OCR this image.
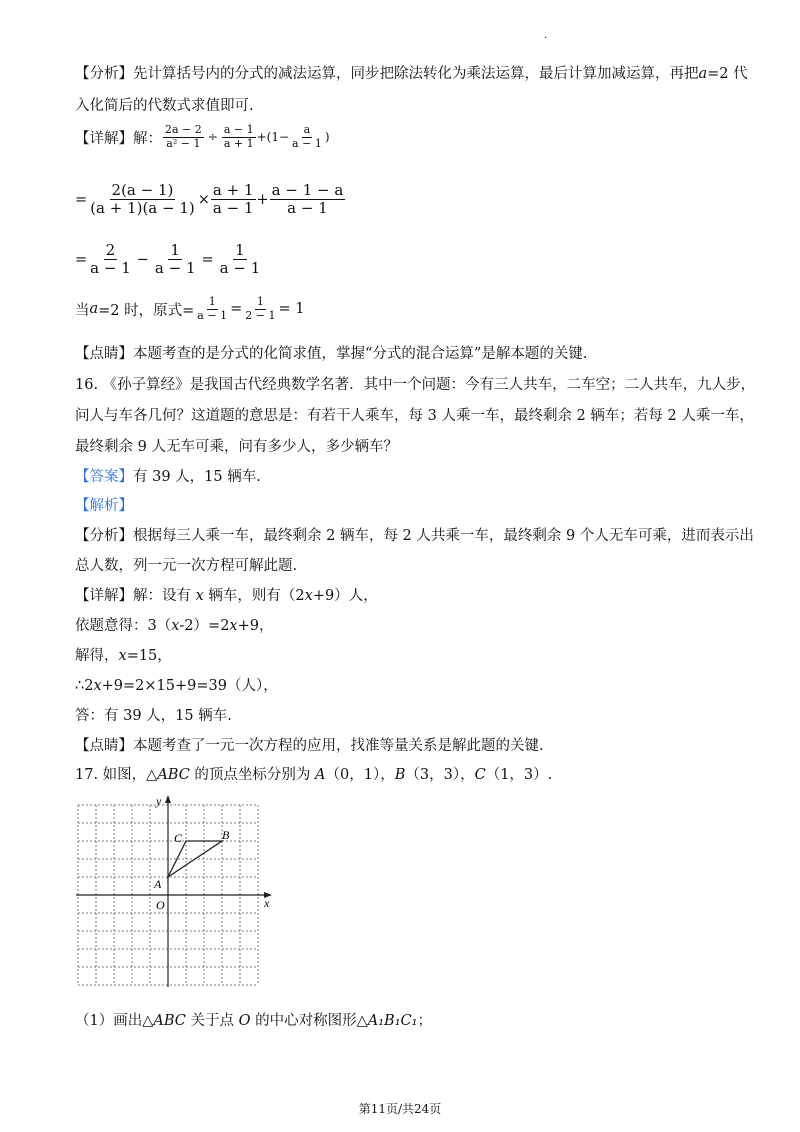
.
【分析】先计算括号内的分式的减法运算，同步把除法转化为乘法运算，最后计算加减运算，再把a=2 代
入化简后的代数式求值即可.
【详解】 解： $\frac{2a - 2}{\text{a² − 1}} \div \frac{a - 1}{a + 1} +(1- \frac{a}{a - 1}$ )
= $\frac{2(a - 1)}{(a + 1)(a - 1)} \times \frac{a + 1}{a - 1} + \frac{a - 1 - a}{a - 1}$
= $\frac{2}{a - 1} - \frac{1}{a - 1} = \frac{1}{a - 1}$
当 a =2 时，原式= $\frac{1}{a - 1} = \frac{1}{2 - 1} = 1$
【点睛】本题考查的是分式的化简求值，掌握“分式的混合运算”是解本题的关键.
16. 《孙子算经》是我国古代经典数学名著．其中一个问题：今有三人共车，二车空；二人共车，九人步，
问人与车各几何？这道题的意思是：有若干人乘车，每 3 人乘一车，最终剩余 2 辆车；若每 2 人乘一车，
最终剩余 9 人无车可乘，问有多少人，多少辆车？
【答案】有 39 人，15 辆车.
【解析】
【分析】根据每三人乘一车，最终剩余 2 辆车，每 2 人共乘一车，最终剩余 9 个人无车可乘，进而表示出
总人数，列一元一次方程可解此题.
【详解】解：设有 x 辆车，则有（2x+9）人，
依题意得：3（x-2）=2x+9，
解得，x=15，
∴2x+9=2×15+9=39（人），
答：有 39 人，15 辆车.
【点睛】本题考查了一元一次方程的应用，找准等量关系是解此题的关键.
17. 如图，△ABC 的顶点坐标分别为 A（0，1），B（3，3），C（1，3）.
x
y
O
A
B
C
（1）画出△ABC 关于点 O 的中心对称图形△A₁B₁C₁；
第11页/共24页
